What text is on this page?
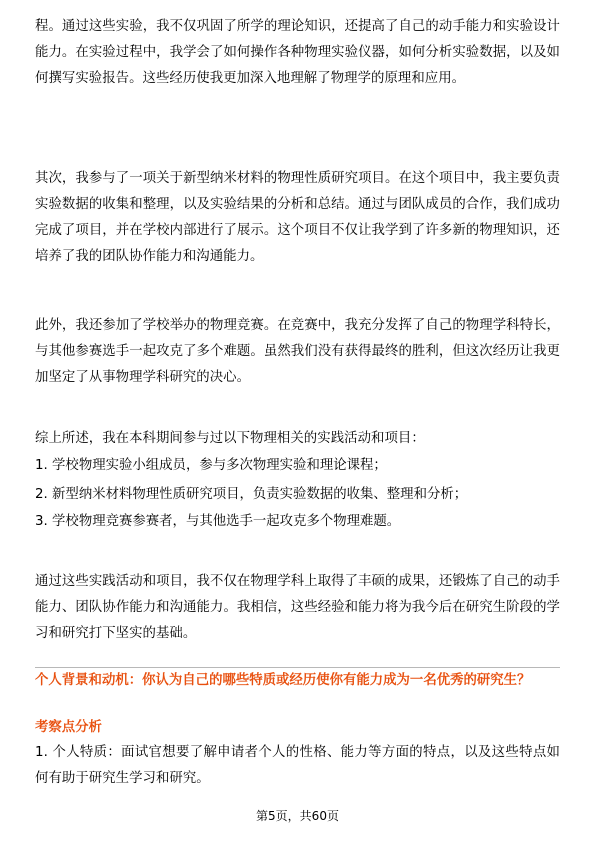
程。通过这些实验，我不仅巩固了所学的理论知识，还提高了自己的动手能力和实验设计能力。在实验过程中，我学会了如何操作各种物理实验仪器，如何分析实验数据，以及如何撰写实验报告。这些经历使我更加深入地理解了物理学的原理和应用。

其次，我参与了一项关于新型纳米材料的物理性质研究项目。在这个项目中，我主要负责实验数据的收集和整理，以及实验结果的分析和总结。通过与团队成员的合作，我们成功完成了项目，并在学校内部进行了展示。这个项目不仅让我学到了许多新的物理知识，还培养了我的团队协作能力和沟通能力。

此外，我还参加了学校举办的物理竞赛。在竞赛中，我充分发挥了自己的物理学科特长，与其他参赛选手一起攻克了多个难题。虽然我们没有获得最终的胜利，但这次经历让我更加坚定了从事物理学科研究的决心。

综上所述，我在本科期间参与过以下物理相关的实践活动和项目：

1. 学校物理实验小组成员，参与多次物理实验和理论课程；

2. 新型纳米材料物理性质研究项目，负责实验数据的收集、整理和分析；

3. 学校物理竞赛参赛者，与其他选手一起攻克多个物理难题。

通过这些实践活动和项目，我不仅在物理学科上取得了丰硕的成果，还锻炼了自己的动手能力、团队协作能力和沟通能力。我相信，这些经验和能力将为我今后在研究生阶段的学习和研究打下坚实的基础。

个人背景和动机：你认为自己的哪些特质或经历使你有能力成为一名优秀的研究生？

考察点分析

1. 个人特质：面试官想要了解申请者个人的性格、能力等方面的特点，以及这些特点如何有助于研究生学习和研究。

第5页，共60页
